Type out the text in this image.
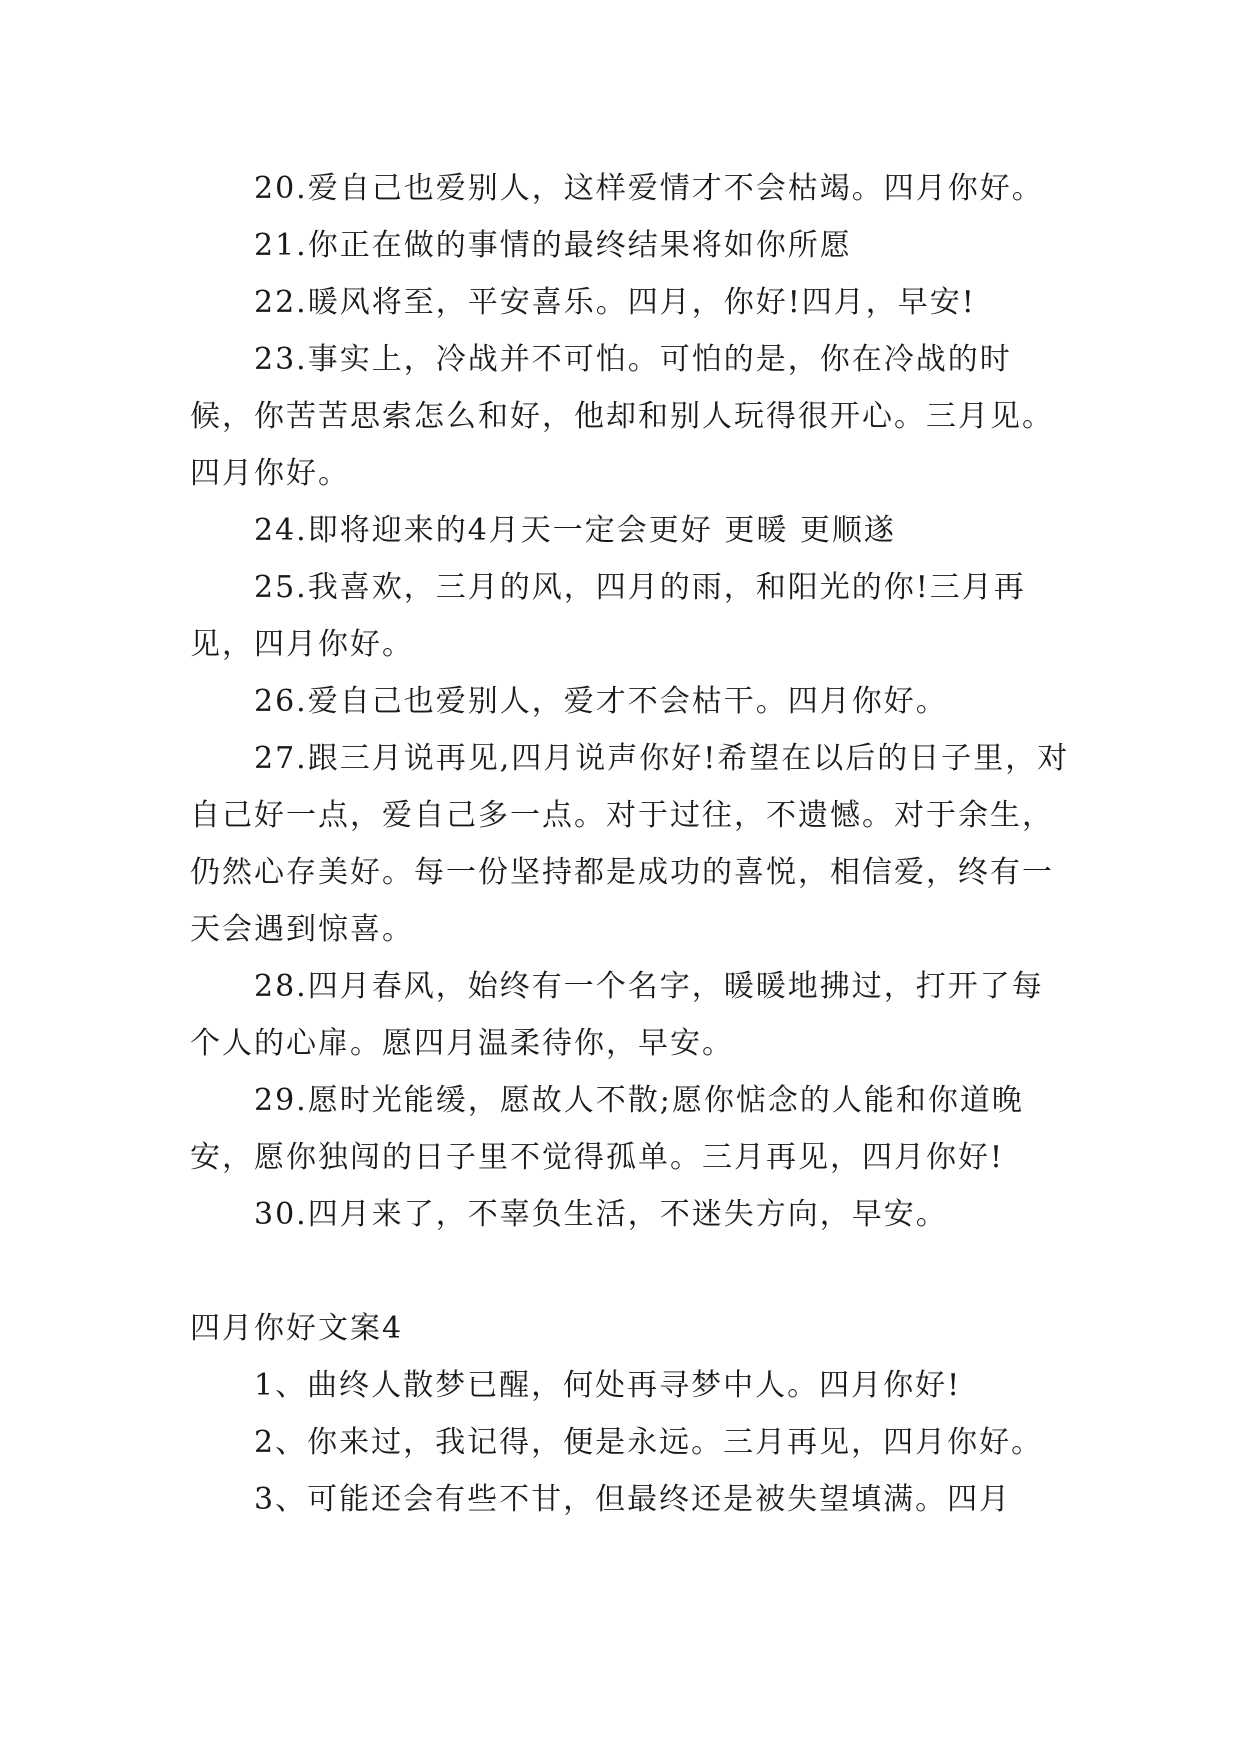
20.爱自己也爱别人，这样爱情才不会枯竭。四月你好。

21.你正在做的事情的最终结果将如你所愿

22.暖风将至，平安喜乐。四月，你好!四月，早安!

23.事实上，冷战并不可怕。可怕的是，你在冷战的时候，你苦苦思索怎么和好，他却和别人玩得很开心。三月见。四月你好。

24.即将迎来的4月天一定会更好 更暖 更顺遂

25.我喜欢，三月的风，四月的雨，和阳光的你!三月再见，四月你好。

26.爱自己也爱别人，爱才不会枯干。四月你好。

27.跟三月说再见,四月说声你好!希望在以后的日子里，对自己好一点，爱自己多一点。对于过往，不遗憾。对于余生，仍然心存美好。每一份坚持都是成功的喜悦，相信爱，终有一天会遇到惊喜。

28.四月春风，始终有一个名字，暖暖地拂过，打开了每个人的心扉。愿四月温柔待你，早安。

29.愿时光能缓，愿故人不散;愿你惦念的人能和你道晚安，愿你独闯的日子里不觉得孤单。三月再见，四月你好!

30.四月来了，不辜负生活，不迷失方向，早安。

四月你好文案4

1、曲终人散梦已醒，何处再寻梦中人。四月你好!

2、你来过，我记得，便是永远。三月再见，四月你好。

3、可能还会有些不甘，但最终还是被失望填满。四月
